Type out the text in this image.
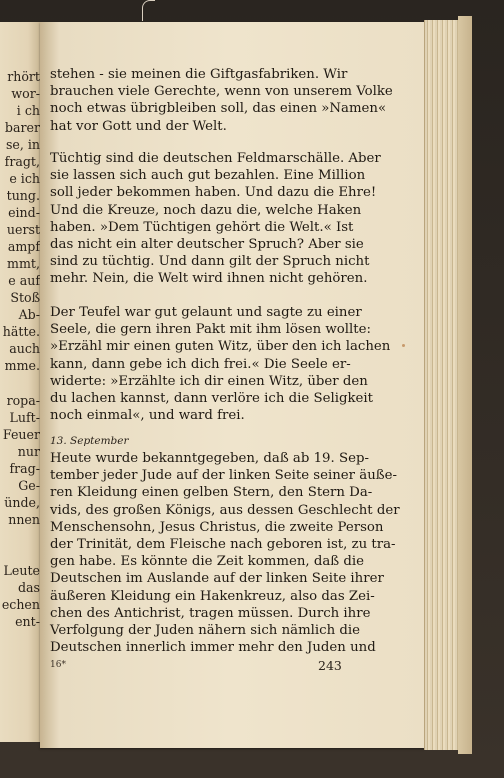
rhört
wor-
i ch
barer
se, in
fragt,
e ich
tung.
eind-
uerst
ampf
mmt,
e auf
Stoß
Ab-
hätte.
auch
mme.
ropa-
Luft-
Feuer
nur
frag-
Ge-
ünde,
nnen
Leute
das
echen
ent-
stehen - sie meinen die Giftgasfabriken. Wir
brauchen viele Gerechte, wenn von unserem Volke
noch etwas übrigbleiben soll, das einen »Namen«
hat vor Gott und der Welt.
Tüchtig sind die deutschen Feldmarschälle. Aber
sie lassen sich auch gut bezahlen. Eine Million
soll jeder bekommen haben. Und dazu die Ehre!
Und die Kreuze, noch dazu die, welche Haken
haben. »Dem Tüchtigen gehört die Welt.« Ist
das nicht ein alter deutscher Spruch? Aber sie
sind zu tüchtig. Und dann gilt der Spruch nicht
mehr. Nein, die Welt wird ihnen nicht gehören.
Der Teufel war gut gelaunt und sagte zu einer
Seele, die gern ihren Pakt mit ihm lösen wollte:
»Erzähl mir einen guten Witz, über den ich lachen
kann, dann gebe ich dich frei.« Die Seele er-
widerte: »Erzählte ich dir einen Witz, über den
du lachen kannst, dann verlöre ich die Seligkeit
noch einmal«, und ward frei.
Heute wurde bekanntgegeben, daß ab 19. Sep-
tember jeder Jude auf der linken Seite seiner äuße-
ren Kleidung einen gelben Stern, den Stern Da-
vids, des großen Königs, aus dessen Geschlecht der
Menschensohn, Jesus Christus, die zweite Person
der Trinität, dem Fleische nach geboren ist, zu tra-
gen habe. Es könnte die Zeit kommen, daß die
Deutschen im Auslande auf der linken Seite ihrer
äußeren Kleidung ein Hakenkreuz, also das Zei-
chen des Antichrist, tragen müssen. Durch ihre
Verfolgung der Juden nähern sich nämlich die
Deutschen innerlich immer mehr den Juden und
13. September
16*	243
